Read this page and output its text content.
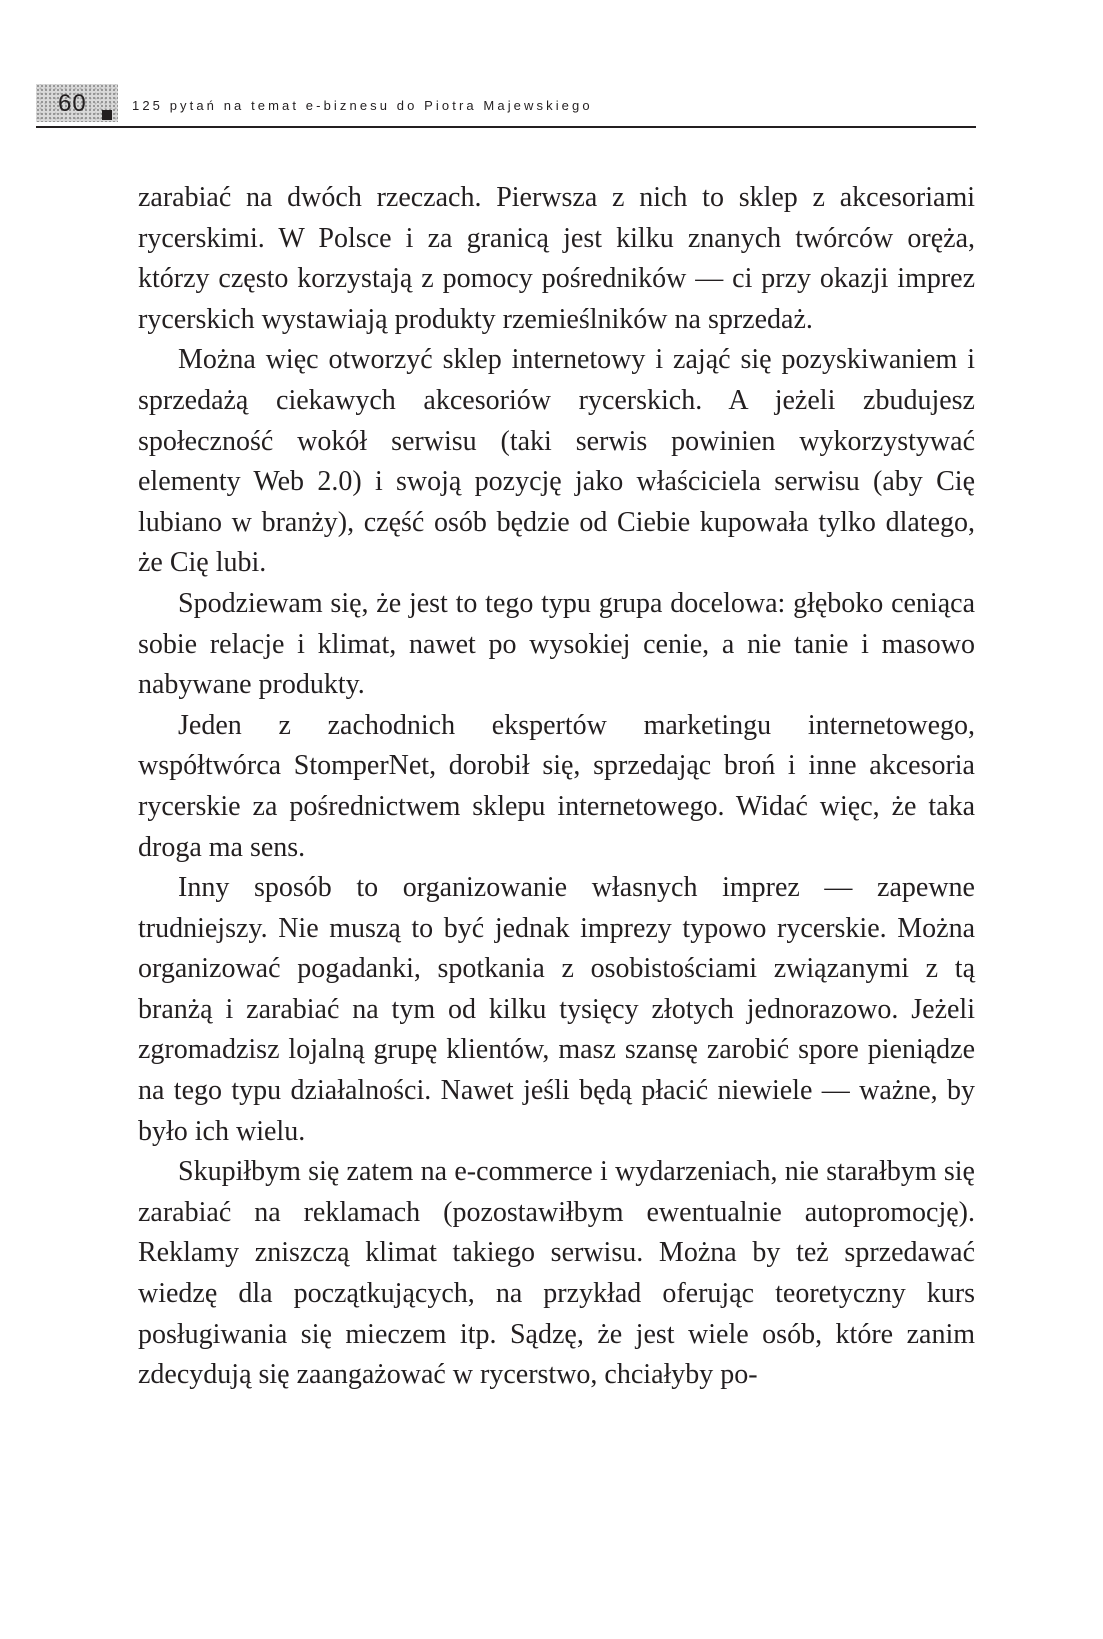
60	125 pytań na temat e-biznesu do Piotra Majewskiego

zarabiać na dwóch rzeczach. Pierwsza z nich to sklep z akcesoriami rycerskimi. W Polsce i za granicą jest kilku znanych twórców oręża, którzy często korzystają z pomocy pośredników — ci przy okazji imprez rycerskich wystawiają produkty rzemieślników na sprzedaż.

Można więc otworzyć sklep internetowy i zająć się pozyskiwaniem i sprzedażą ciekawych akcesoriów rycerskich. A jeżeli zbudujesz społeczność wokół serwisu (taki serwis powinien wykorzystywać elementy Web 2.0) i swoją pozycję jako właściciela serwisu (aby Cię lubiano w branży), część osób będzie od Ciebie kupowała tylko dlatego, że Cię lubi.

Spodziewam się, że jest to tego typu grupa docelowa: głęboko ceniąca sobie relacje i klimat, nawet po wysokiej cenie, a nie tanie i masowo nabywane produkty.

Jeden z zachodnich ekspertów marketingu internetowego, współtwórca StomperNet, dorobił się, sprzedając broń i inne akcesoria rycerskie za pośrednictwem sklepu internetowego. Widać więc, że taka droga ma sens.

Inny sposób to organizowanie własnych imprez — zapewne trudniejszy. Nie muszą to być jednak imprezy typowo rycerskie. Można organizować pogadanki, spotkania z osobistościami związanymi z tą branżą i zarabiać na tym od kilku tysięcy złotych jednorazowo. Jeżeli zgromadzisz lojalną grupę klientów, masz szansę zarobić spore pieniądze na tego typu działalności. Nawet jeśli będą płacić niewiele — ważne, by było ich wielu.

Skupiłbym się zatem na e-commerce i wydarzeniach, nie starałbym się zarabiać na reklamach (pozostawiłbym ewentualnie autopromocję). Reklamy zniszczą klimat takiego serwisu. Można by też sprzedawać wiedzę dla początkujących, na przykład oferując teoretyczny kurs posługiwania się mieczem itp. Sądzę, że jest wiele osób, które zanim zdecydują się zaangażować w rycerstwo, chciałyby po-
